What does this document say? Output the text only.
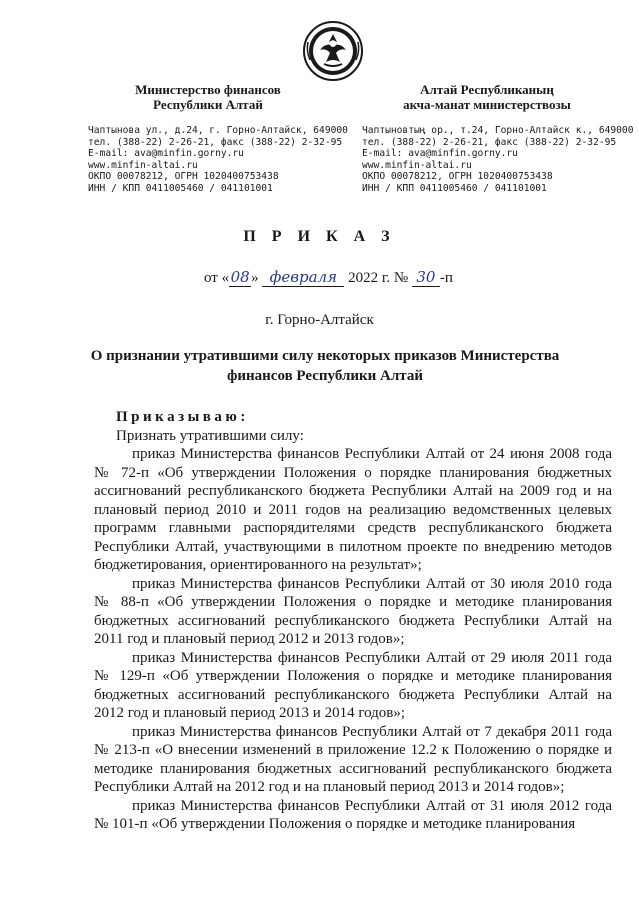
Министерство финансов
Республики Алтай

Чаптынова ул., д.24, г. Горно-Алтайск, 649000
тел. (388-22) 2-26-21, факс (388-22) 2-32-95
E-mail: ava@minfin.gorny.ru
www.minfin-altai.ru
ОКПО 00078212, ОГРН 1020400753438
ИНН / КПП 0411005460 / 041101001

Алтай Республиканың
акча-манат министерствозы

Чаптыновтың ор., т.24, Горно-Алтайск к., 649000
тел. (388-22) 2-26-21, факс (388-22) 2-32-95
E-mail: ava@minfin.gorny.ru
www.minfin-altai.ru
ОКПО 00078212, ОГРН 1020400753438
ИНН / КПП 0411005460 / 041101001
П Р И К А З
от «08» февраля 2022 г. № 30 -п
г. Горно-Алтайск
О признании утратившими силу некоторых приказов Министерства
финансов Республики Алтай
Приказываю:

Признать утратившими силу:

приказ Министерства финансов Республики Алтай от 24 июня 2008 года № 72-п «Об утверждении Положения о порядке планирования бюджетных ассигнований республиканского бюджета Республики Алтай на 2009 год и на плановый период 2010 и 2011 годов на реализацию ведомственных целевых программ главными распорядителями средств республиканского бюджета Республики Алтай, участвующими в пилотном проекте по внедрению методов бюджетирования, ориентированного на результат»;

приказ Министерства финансов Республики Алтай от 30 июля 2010 года № 88-п «Об утверждении Положения о порядке и методике планирования бюджетных ассигнований республиканского бюджета Республики Алтай на 2011 год и плановый период 2012 и 2013 годов»;

приказ Министерства финансов Республики Алтай от 29 июля 2011 года № 129-п «Об утверждении Положения о порядке и методике планирования бюджетных ассигнований республиканского бюджета Республики Алтай на 2012 год и плановый период 2013 и 2014 годов»;

приказ Министерства финансов Республики Алтай от 7 декабря 2011 года № 213-п «О внесении изменений в приложение 12.2 к Положению о порядке и методике планирования бюджетных ассигнований республиканского бюджета Республики Алтай на 2012 год и на плановый период 2013 и 2014 годов»;

приказ Министерства финансов Республики Алтай от 31 июля 2012 года № 101-п «Об утверждении Положения о порядке и методике планирования
